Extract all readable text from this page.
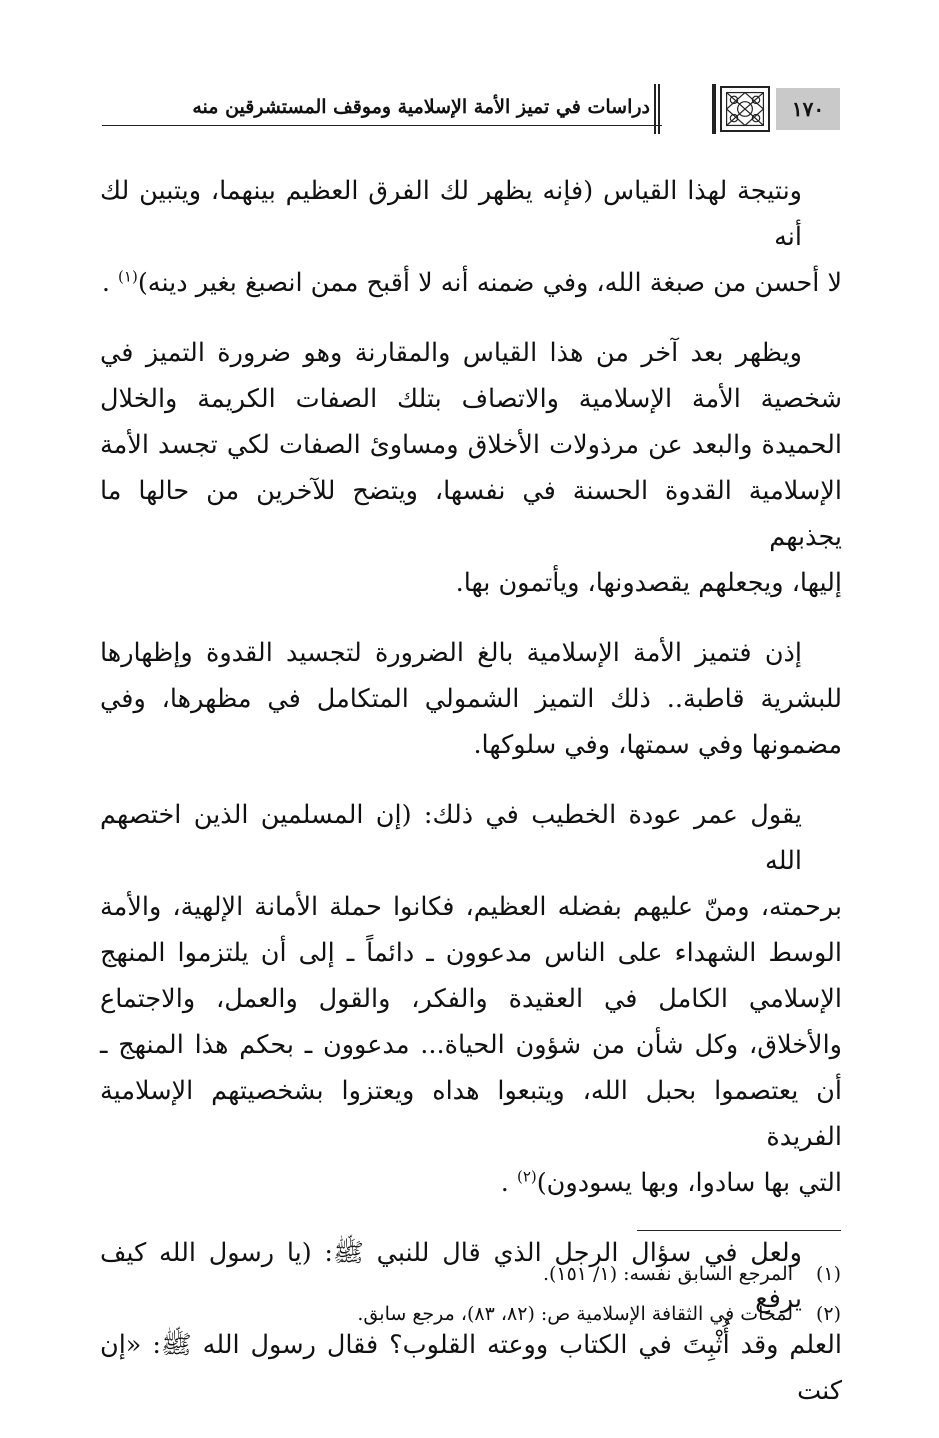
دراسات في تميز الأمة الإسلامية وموقف المستشرقين منه	١٧٠

ونتيجة لهذا القياس (فإنه يظهر لك الفرق العظيم بينهما، ويتبين لك أنه
لا أحسن من صبغة الله، وفي ضمنه أنه لا أقبح ممن انصبغ بغير دينه)$^{(١)}$ .

ويظهر بعد آخر من هذا القياس والمقارنة وهو ضرورة التميز في
شخصية الأمة الإسلامية والاتصاف بتلك الصفات الكريمة والخلال
الحميدة والبعد عن مرذولات الأخلاق ومساوئ الصفات لكي تجسد الأمة
الإسلامية القدوة الحسنة في نفسها، ويتضح للآخرين من حالها ما يجذبهم
إليها، ويجعلهم يقصدونها، ويأتمون بها.

إذن فتميز الأمة الإسلامية بالغ الضرورة لتجسيد القدوة وإظهارها
للبشرية قاطبة.. ذلك التميز الشمولي المتكامل في مظهرها، وفي
مضمونها وفي سمتها، وفي سلوكها.

يقول عمر عودة الخطيب في ذلك: (إن المسلمين الذين اختصهم الله
برحمته، ومنّ عليهم بفضله العظيم، فكانوا حملة الأمانة الإلهية، والأمة
الوسط الشهداء على الناس مدعوون ـ دائماً ـ إلى أن يلتزموا المنهج
الإسلامي الكامل في العقيدة والفكر، والقول والعمل، والاجتماع
والأخلاق، وكل شأن من شؤون الحياة... مدعوون ـ بحكم هذا المنهج ـ
أن يعتصموا بحبل الله، ويتبعوا هداه ويعتزوا بشخصيتهم الإسلامية الفريدة
التي بها سادوا، وبها يسودون)$^{(٢)}$ .

ولعل في سؤال الرجل الذي قال للنبي ﷺ: (يا رسول الله كيف يرفع
العلم وقد أُثْبِتَ في الكتاب ووعته القلوب؟ فقال رسول الله ﷺ: «إن كنت

(١)المرجع السابق نفسه: (١/ ١٥١).
(٢)لمحات في الثقافة الإسلامية ص: (٨٢، ٨٣)، مرجع سابق.
